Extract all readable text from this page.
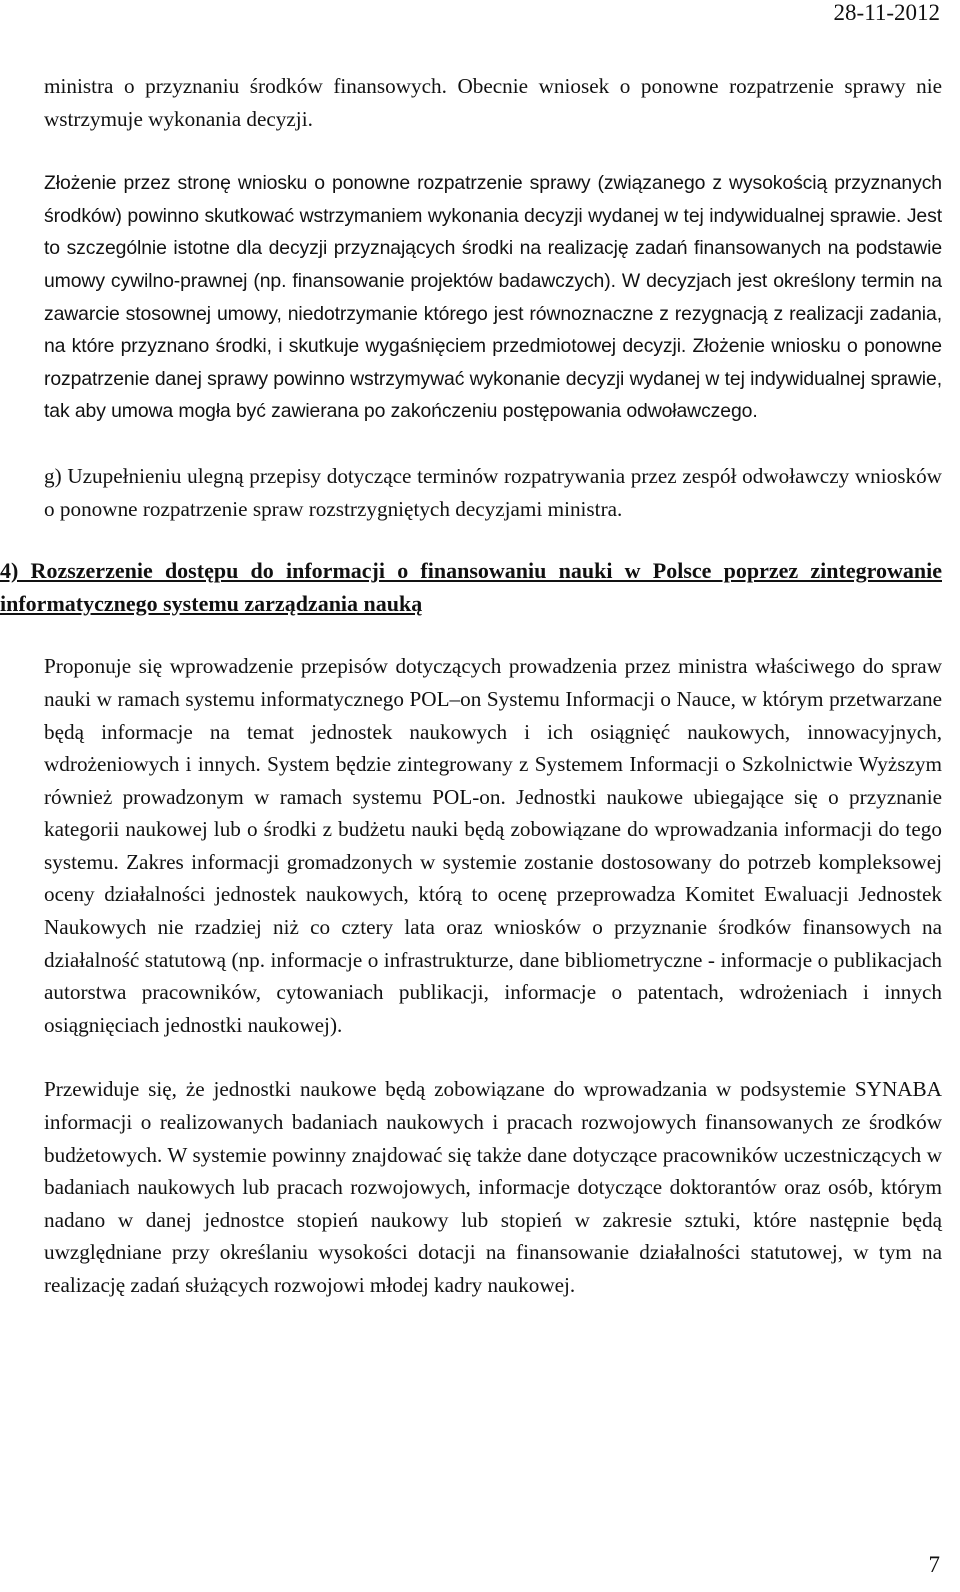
28-11-2012

ministra o przyznaniu środków finansowych. Obecnie wniosek o ponowne rozpatrzenie sprawy nie wstrzymuje wykonania decyzji.

Złożenie przez stronę wniosku o ponowne rozpatrzenie sprawy (związanego z wysokością przyznanych środków) powinno skutkować wstrzymaniem wykonania decyzji wydanej w tej indywidualnej sprawie. Jest to szczególnie istotne dla decyzji przyznających środki na realizację zadań finansowanych na podstawie umowy cywilno-prawnej (np. finansowanie projektów badawczych). W decyzjach jest określony termin na zawarcie stosownej umowy, niedotrzymanie którego jest równoznaczne z rezygnacją z realizacji zadania, na które przyznano środki, i skutkuje wygaśnięciem przedmiotowej decyzji. Złożenie wniosku o ponowne rozpatrzenie danej sprawy powinno wstrzymywać wykonanie decyzji wydanej w tej indywidualnej sprawie, tak aby umowa mogła być zawierana po zakończeniu postępowania odwoławczego.

g) Uzupełnieniu ulegną przepisy dotyczące terminów rozpatrywania przez zespół odwoławczy wniosków o ponowne rozpatrzenie spraw rozstrzygniętych decyzjami ministra.

4) Rozszerzenie dostępu do informacji o finansowaniu nauki w Polsce poprzez zintegrowanie informatycznego systemu zarządzania nauką

Proponuje się wprowadzenie przepisów dotyczących prowadzenia przez ministra właściwego do spraw nauki w ramach systemu informatycznego POL–on Systemu Informacji o Nauce, w którym przetwarzane będą informacje na temat jednostek naukowych i ich osiągnięć naukowych, innowacyjnych, wdrożeniowych i innych. System będzie zintegrowany z Systemem Informacji o Szkolnictwie Wyższym również prowadzonym w ramach systemu POL-on. Jednostki naukowe ubiegające się o przyznanie kategorii naukowej lub o środki z budżetu nauki będą zobowiązane do wprowadzania informacji do tego systemu. Zakres informacji gromadzonych w systemie zostanie dostosowany do potrzeb kompleksowej oceny działalności jednostek naukowych, którą to ocenę przeprowadza Komitet Ewaluacji Jednostek Naukowych nie rzadziej niż co cztery lata oraz wniosków o przyznanie środków finansowych na działalność statutową (np. informacje o infrastrukturze, dane bibliometryczne - informacje o publikacjach autorstwa pracowników, cytowaniach publikacji, informacje o patentach, wdrożeniach i innych osiągnięciach jednostki naukowej).

Przewiduje się, że jednostki naukowe będą zobowiązane do wprowadzania w podsystemie SYNABA informacji o realizowanych badaniach naukowych i pracach rozwojowych finansowanych ze środków budżetowych. W systemie powinny znajdować się także dane dotyczące pracowników uczestniczących w badaniach naukowych lub pracach rozwojowych, informacje dotyczące doktorantów oraz osób, którym nadano w danej jednostce stopień naukowy lub stopień w zakresie sztuki, które następnie będą uwzględniane przy określaniu wysokości dotacji na finansowanie działalności statutowej, w tym na realizację zadań służących rozwojowi młodej kadry naukowej.

7
